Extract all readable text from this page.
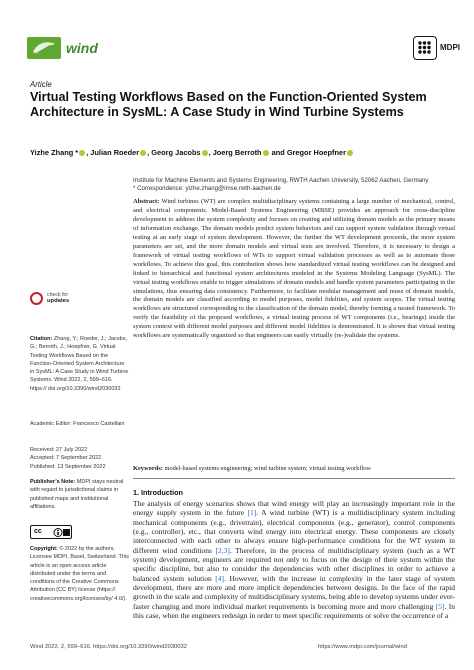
wind	MDPI
Article
Virtual Testing Workflows Based on the Function-Oriented System Architecture in SysML: A Case Study in Wind Turbine Systems
Yizhe Zhang * , Julian Roeder , Georg Jacobs , Joerg Berroth and Gregor Hoepfner
Institute for Machine Elements and Systems Engineering, RWTH Aachen University, 52062 Aachen, Germany
* Correspondence: yizhe.zhang@imse.rwth-aachen.de
Abstract: Wind turbines (WT) are complex multidisciplinary systems containing a large number of mechanical, control, and electrical components. Model-Based Systems Engineering (MBSE) provides an approach for cross-discipline development to address the system complexity and focuses on creating and utilizing domain models as the primary means of information exchange. The domain models predict system behaviors and can support system validation through virtual testing at an early stage of system development. However, the further the WT development proceeds, the more system parameters are set, and the more domain models and virtual tests are involved. Therefore, it is necessary to design a framework of virtual testing workflows of WTs to support virtual validation processes as well as to automate those workflows. To achieve this goal, this contribution shows how standardized virtual testing workflows can be designed and linked to hierarchical and functional system architectures modeled in the Systems Modeling Language (SysML). The virtual testing workflows enable to trigger simulations of domain models and handle system parameters participating in the simulations, thus ensuring data consistency. Furthermore, to facilitate modular management and reuse of domain models, the domain models are classified according to model purposes, model fidelities, and system scopes. The virtual testing workflows are structured corresponding to the classification of the domain model, thereby forming a nested framework. To verify the feasibility of the proposed workflows, a virtual testing process of WT components (i.e., bearings) inside the system context with different model purposes and different model fidelities is demonstrated. It is shown that virtual testing workflows are systematically organized so that engineers can easily virtually (re-)validate the systems.
Keywords: model-based systems engineering; wind turbine system; virtual testing workflow
check for
updates
Citation: Zhang, Y.; Roeder, J.; Jacobs, G.; Berroth, J.; Hoepfner, G. Virtual Testing Workflows Based on the Function-Oriented System Architecture in SysML: A Case Study in Wind Turbine Systems. Wind 2022, 2, 599–616. https:// doi.org/10.3390/wind2030032
Academic Editor: Francesco Castellani
Received: 27 July 2022
Accepted: 7 September 2022
Published: 13 September 2022
Publisher’s Note: MDPI stays neutral with regard to jurisdictional claims in published maps and institutional affiliations.
cc
Copyright: © 2022 by the authors. Licensee MDPI, Basel, Switzerland. This article is an open access article distributed under the terms and conditions of the Creative Commons Attribution (CC BY) license (https:// creativecommons.org/licenses/by/ 4.0/).
1. Introduction
The analysis of energy scenarios shows that wind energy will play an increasingly important role in the energy supply system in the future [1]. A wind turbine (WT) is a multidisciplinary system including mechanical components (e.g., drivetrain), electrical components (e.g., generator), control components (e.g., controller), etc., that converts wind energy into electrical energy. These components are closely interconnected with each other to always ensure high-performance conditions for the WT system in different wind conditions [2,3]. Therefore, in the process of multidisciplinary system (such as a WT system) development, engineers are required not only to focus on the design of their system within the specific discipline, but also to consider the dependencies with other disciplines in order to achieve a balanced system solution [4]. However, with the increase in complexity in the later stage of system development, there are more and more implicit dependencies between designs. In the face of the rapid growth in the scale and complexity of multidisciplinary systems, being able to develop systems under ever-faster changing and more individual market requirements is becoming more and more challenging [5]. In this case, when the engineers redesign in order to meet specific requirements or solve the occurrence of a
Wind 2022, 2, 599–616. https://doi.org/10.3390/wind2030032	https://www.mdpi.com/journal/wind
